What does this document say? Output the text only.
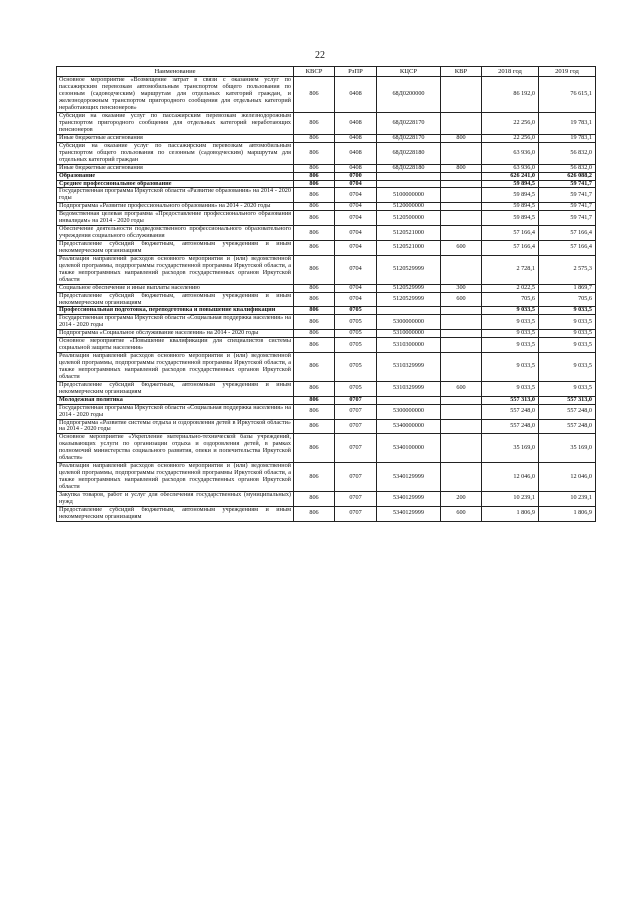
22
Наименование	КВСР	РзПР	КЦСР	КВР	2018 год	2019 год
Основное мероприятие «Возмещение затрат в связи с оказанием услуг по пассажирским перевозкам автомобильным транспортом общего пользования по сезонным (садоводческим) маршрутам для отдельных категорий граждан, и железнодорожным транспортом пригородного сообщения для отдельных категорий неработающих пенсионеров»	806	0408	68Д0200000		86 192,0	76 615,1
Субсидии на оказание услуг по пассажирским перевозкам железнодорожным транспортом пригородного сообщения для отдельных категорий неработающих пенсионеров	806	0408	68Д0228170		22 256,0	19 783,1
Иные бюджетные ассигнования	806	0408	68Д0228170	800	22 256,0	19 783,1
Субсидии на оказание услуг по пассажирским перевозкам автомобильным транспортом общего пользования по сезонным (садоводческим) маршрутам для отдельных категорий граждан	806	0408	68Д0228180		63 936,0	56 832,0
Иные бюджетные ассигнования	806	0408	68Д0228180	800	63 936,0	56 832,0
Образование	806	0700			626 241,0	626 088,2
Среднее профессиональное образование	806	0704			59 894,5	59 741,7
Государственная программа Иркутской области «Развитие образования» на 2014 - 2020 годы	806	0704	5100000000		59 894,5	59 741,7
Подпрограмма «Развитие профессионального образования» на 2014 - 2020 годы	806	0704	5120000000		59 894,5	59 741,7
Ведомственная целевая программа «Предоставление профессионального образования инвалидам» на 2014 - 2020 годы	806	0704	5120500000		59 894,5	59 741,7
Обеспечение деятельности подведомственного профессионального образовательного учреждения социального обслуживания	806	0704	5120521000		57 166,4	57 166,4
Предоставление субсидий бюджетным, автономным учреждениям и иным некоммерческим организациям	806	0704	5120521000	600	57 166,4	57 166,4
Реализация направлений расходов основного мероприятия и (или) ведомственной целевой программы, подпрограммы государственной программы Иркутской области, а также непрограммных направлений расходов государственных органов Иркутской области	806	0704	5120529999		2 728,1	2 575,3
Социальное обеспечение и иные выплаты населению	806	0704	5120529999	300	2 022,5	1 869,7
Предоставление субсидий бюджетным, автономным учреждениям и иным некоммерческим организациям	806	0704	5120529999	600	705,6	705,6
Профессиональная подготовка, переподготовка и повышение квалификации	806	0705			9 033,5	9 033,5
Государственная программа Иркутской области «Социальная поддержка населения» на 2014 - 2020 годы	806	0705	5300000000		9 033,5	9 033,5
Подпрограмма «Социальное обслуживание населения» на 2014 - 2020 годы	806	0705	5310000000		9 033,5	9 033,5
Основное мероприятие «Повышение квалификации для специалистов системы социальной защиты населения»	806	0705	5310300000		9 033,5	9 033,5
Реализация направлений расходов основного мероприятия и (или) ведомственной целевой программы, подпрограммы государственной программы Иркутской области, а также непрограммных направлений расходов государственных органов Иркутской области	806	0705	5310329999		9 033,5	9 033,5
Предоставление субсидий бюджетным, автономным учреждениям и иным некоммерческим организациям	806	0705	5310329999	600	9 033,5	9 033,5
Молодежная политика	806	0707			557 313,0	557 313,0
Государственная программа Иркутской области «Социальная поддержка населения» на 2014 - 2020 годы	806	0707	5300000000		557 248,0	557 248,0
Подпрограмма «Развитие системы отдыха и оздоровления детей в Иркутской области» на 2014 - 2020 годы	806	0707	5340000000		557 248,0	557 248,0
Основное мероприятие «Укрепление материально-технической базы учреждений, оказывающих услуги по организации отдыха и оздоровления детей, в рамках полномочий министерства социального развития, опеки и попечительства Иркутской области»	806	0707	5340100000		35 169,0	35 169,0
Реализация направлений расходов основного мероприятия и (или) ведомственной целевой программы, подпрограммы государственной программы Иркутской области, а также непрограммных направлений расходов государственных органов Иркутской области	806	0707	5340129999		12 046,0	12 046,0
Закупка товаров, работ и услуг для обеспечения государственных (муниципальных) нужд	806	0707	5340129999	200	10 239,1	10 239,1
Предоставление субсидий бюджетным, автономным учреждениям и иным некоммерческим организациям	806	0707	5340129999	600	1 806,9	1 806,9
